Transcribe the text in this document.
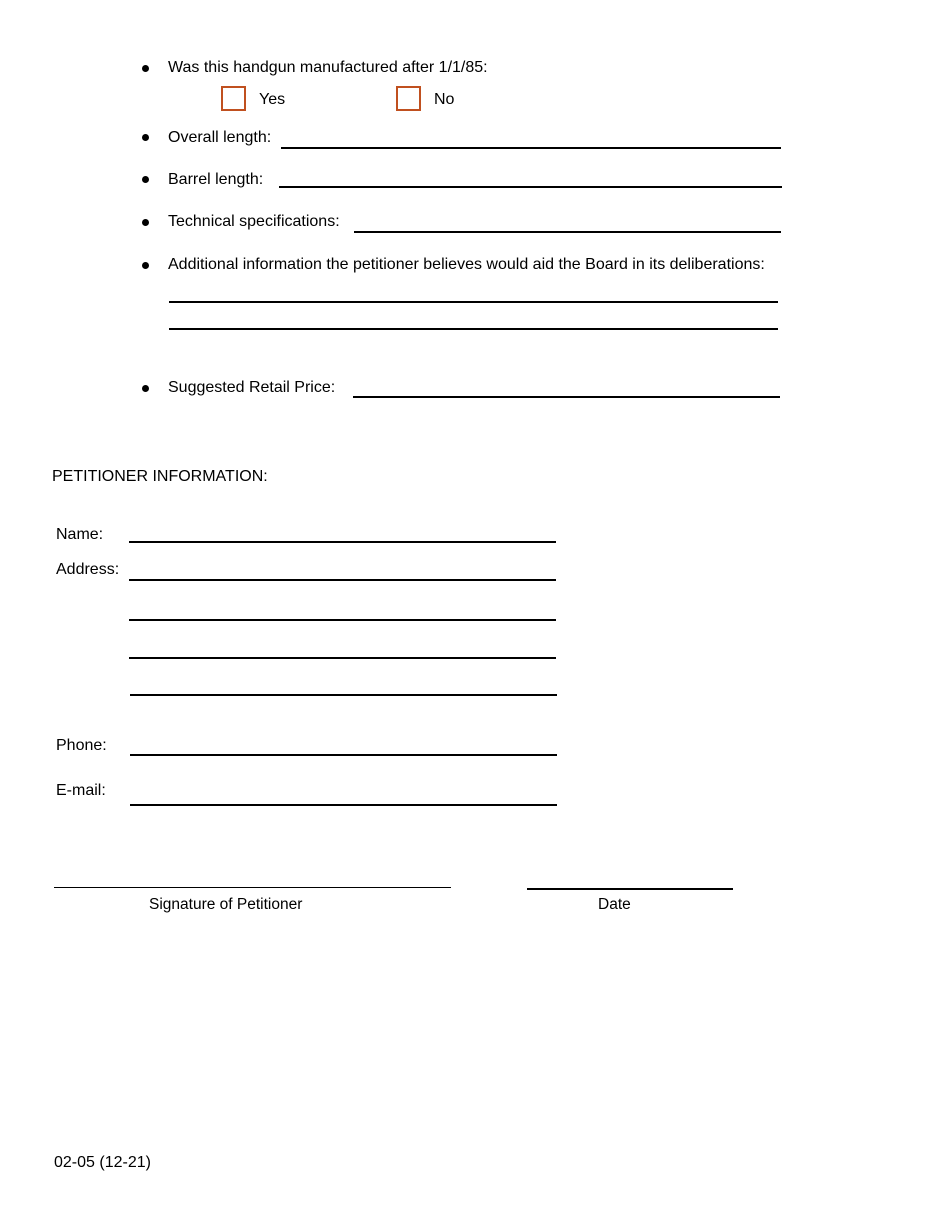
Was this handgun manufactured after 1/1/85:
Yes	No
Overall length:
Barrel length:
Technical specifications:
Additional information the petitioner believes would aid the Board in its deliberations:
Suggested Retail Price:
PETITIONER INFORMATION:
Name:
Address:
Phone:
E-mail:
Signature of Petitioner	Date
02-05 (12-21)
